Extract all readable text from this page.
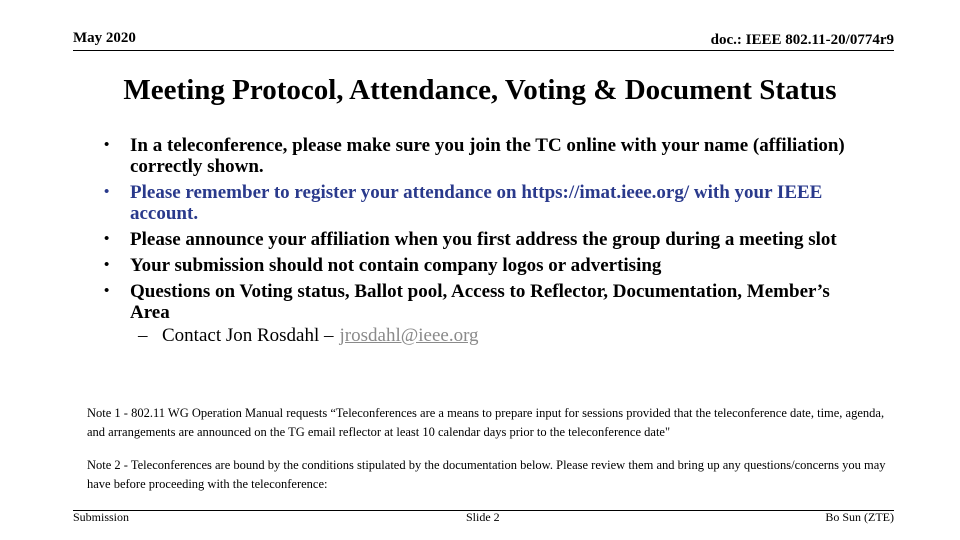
May 2020	doc.: IEEE 802.11-20/0774r9
Meeting Protocol, Attendance, Voting & Document Status
• In a teleconference, please make sure you join the TC online with your name (affiliation) correctly shown.
• Please remember to register your attendance on https://imat.ieee.org/ with your IEEE account.
• Please announce your affiliation when you first address the group during a meeting slot
• Your submission should not contain company logos or advertising
• Questions on Voting status, Ballot pool, Access to Reflector, Documentation, Member’s Area
– Contact Jon Rosdahl – jrosdahl@ieee.org
Note 1 - 802.11 WG Operation Manual requests “Teleconferences are a means to prepare input for sessions provided that the teleconference date, time, agenda, and arrangements are announced on the TG email reflector at least 10 calendar days prior to the teleconference date"
Note 2 - Teleconferences are bound by the conditions stipulated by the documentation below. Please review them and bring up any questions/concerns you may have before proceeding with the teleconference:
Submission	Slide 2	Bo Sun (ZTE)
